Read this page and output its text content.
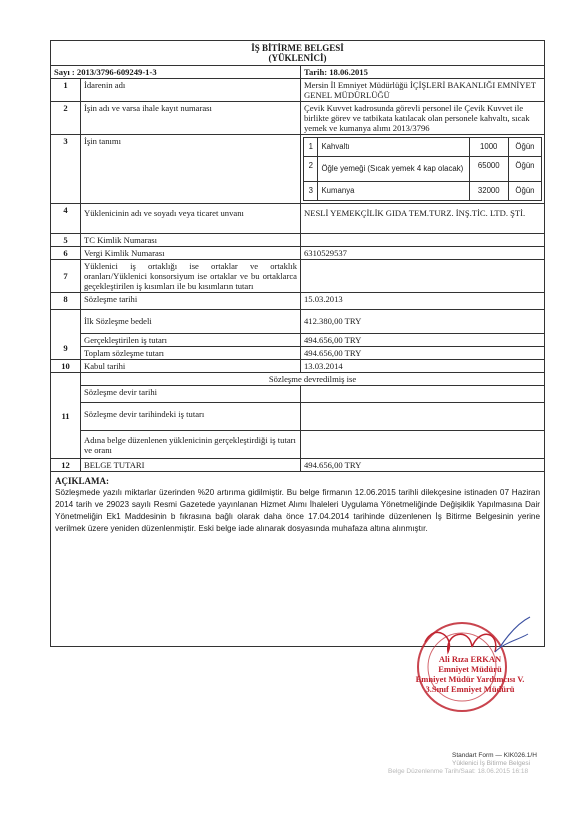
İŞ BİTİRME BELGESİ
(YÜKLENİCİ)

Sayı : 2013/3796-609249-1-3	Tarih: 18.06.2015
1	İdarenin adı	Mersin İl Emniyet Müdürlüğü İÇİŞLERİ BAKANLIĞI EMNİYET GENEL MÜDÜRLÜĞÜ
2	İşin adı ve varsa ihale kayıt numarası	Çevik Kuvvet kadrosunda görevli personel ile Çevik Kuvvet ile birlikte görev ve tatbikata katılacak olan personele kahvaltı, sıcak yemek ve kumanya alımı 2013/3796
3	İşin tanımı	
1	Kahvaltı	1000	Öğün
2	Öğle yemeği (Sıcak yemek 4 kap olacak)	65000	Öğün
3	Kumanya	32000	Öğün

4	Yüklenicinin adı ve soyadı veya ticaret unvanı	NESLİ YEMEKÇİLİK GIDA TEM.TURZ. İNŞ.TİC. LTD. ŞTİ.
5	TC Kimlik Numarası	
6	Vergi Kimlik Numarası	6310529537
7	Yüklenici iş ortaklığı ise ortaklar ve ortaklık oranları/Yüklenici konsorsiyum ise ortaklar ve bu ortaklarca geçekleştirilen iş kısımları ile bu kısımların tutarı	
8	Sözleşme tarihi	15.03.2013
9	İlk Sözleşme bedeli	412.380,00 TRY
Gerçekleştirilen iş tutarı	494.656,00 TRY
Toplam sözleşme tutarı	494.656,00 TRY
10	Kabul tarihi	13.03.2014
11	Sözleşme devredilmiş ise
Sözleşme devir tarihi	
Sözleşme devir tarihindeki iş tutarı	
Adına belge düzenlenen yüklenicinin gerçekleştirdiği iş tutarı ve oranı	
12	BELGE TUTARI	494.656,00 TRY

AÇIKLAMA:
Sözleşmede yazılı miktarlar üzerinden %20 artırıma gidilmiştir. Bu belge firmanın 12.06.2015 tarihli dilekçesine istinaden 07 Haziran 2014 tarih ve 29023 sayılı Resmi Gazetede yayınlanan Hizmet Alımı İhaleleri Uygulama Yönetmeliğinde Değişiklik Yapılmasına Dair Yönetmeliğin Ek1 Maddesinin b fıkrasına bağlı olarak daha önce 17.04.2014 tarihinde düzenlenen İş Bitirme Belgesinin yerine verilmek üzere yeniden düzenlenmiştir. Eski belge iade alınarak dosyasında muhafaza altına alınmıştır.
Ali Rıza ERKAN
Emniyet Müdürü
Emniyet Müdür Yardımcısı V.
3.Sınıf Emniyet Müdürü
Standart Form — KIK026.1/H
Yüklenici İş Bitirme Belgesi
Belge Düzenlenme Tarih/Saat: 18.06.2015 16:18
